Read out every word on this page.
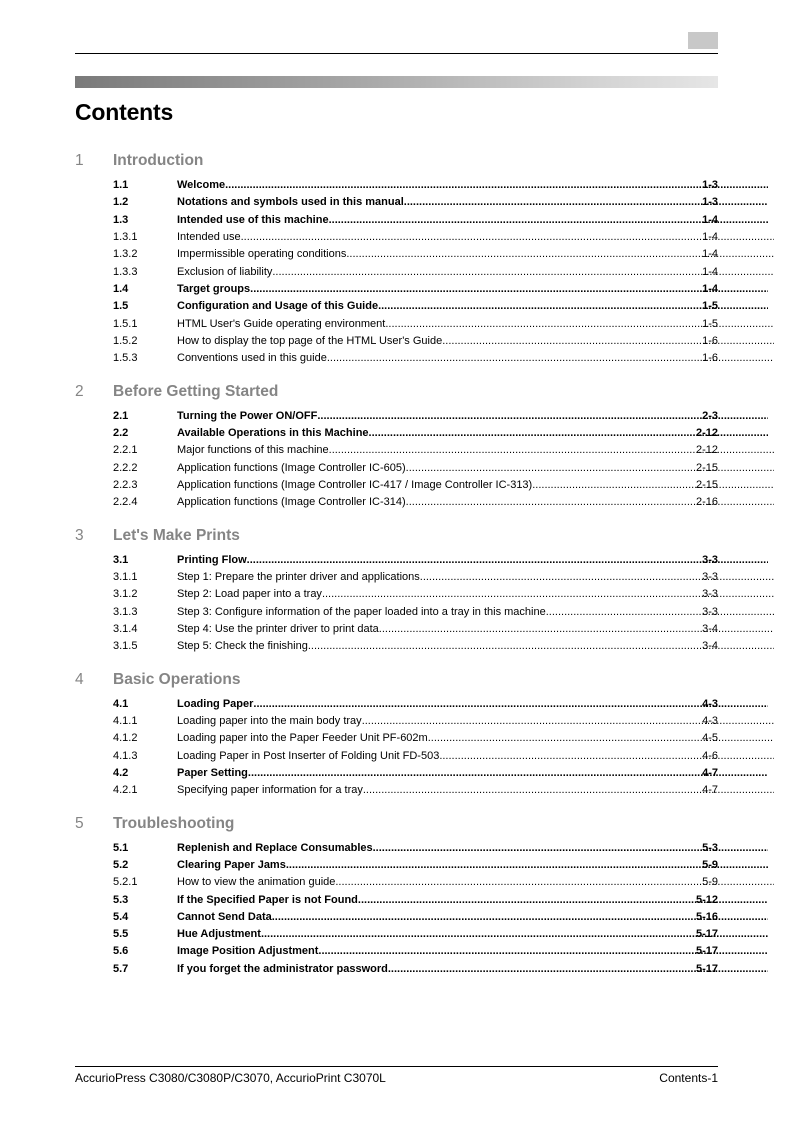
Contents
1 Introduction
1.1	Welcome .....	1-3
1.2	Notations and symbols used in this manual .....	1-3
1.3	Intended use of this machine .....	1-4
1.3.1	Intended use .....	1-4
1.3.2	Impermissible operating conditions .....	1-4
1.3.3	Exclusion of liability .....	1-4
1.4	Target groups .....	1-4
1.5	Configuration and Usage of this Guide .....	1-5
1.5.1	HTML User's Guide operating environment .....	1-5
1.5.2	How to display the top page of the HTML User's Guide .....	1-6
1.5.3	Conventions used in this guide .....	1-6
2 Before Getting Started
2.1	Turning the Power ON/OFF .....	2-3
2.2	Available Operations in this Machine .....	2-12
2.2.1	Major functions of this machine .....	2-12
2.2.2	Application functions (Image Controller IC-605) .....	2-15
2.2.3	Application functions (Image Controller IC-417 / Image Controller IC-313) .....	2-15
2.2.4	Application functions (Image Controller IC-314) .....	2-16
3 Let's Make Prints
3.1	Printing Flow .....	3-3
3.1.1	Step 1: Prepare the printer driver and applications .....	3-3
3.1.2	Step 2: Load paper into a tray .....	3-3
3.1.3	Step 3: Configure information of the paper loaded into a tray in this machine .....	3-3
3.1.4	Step 4: Use the printer driver to print data .....	3-4
3.1.5	Step 5: Check the finishing .....	3-4
4 Basic Operations
4.1	Loading Paper .....	4-3
4.1.1	Loading paper into the main body tray .....	4-3
4.1.2	Loading paper into the Paper Feeder Unit PF-602m .....	4-5
4.1.3	Loading Paper in Post Inserter of Folding Unit FD-503 .....	4-6
4.2	Paper Setting .....	4-7
4.2.1	Specifying paper information for a tray .....	4-7
5 Troubleshooting
5.1	Replenish and Replace Consumables .....	5-3
5.2	Clearing Paper Jams .....	5-9
5.2.1	How to view the animation guide .....	5-9
5.3	If the Specified Paper is not Found .....	5-12
5.4	Cannot Send Data .....	5-16
5.5	Hue Adjustment .....	5-17
5.6	Image Position Adjustment .....	5-17
5.7	If you forget the administrator password .....	5-17
AccurioPress C3080/C3080P/C3070, AccurioPrint C3070L	Contents-1
